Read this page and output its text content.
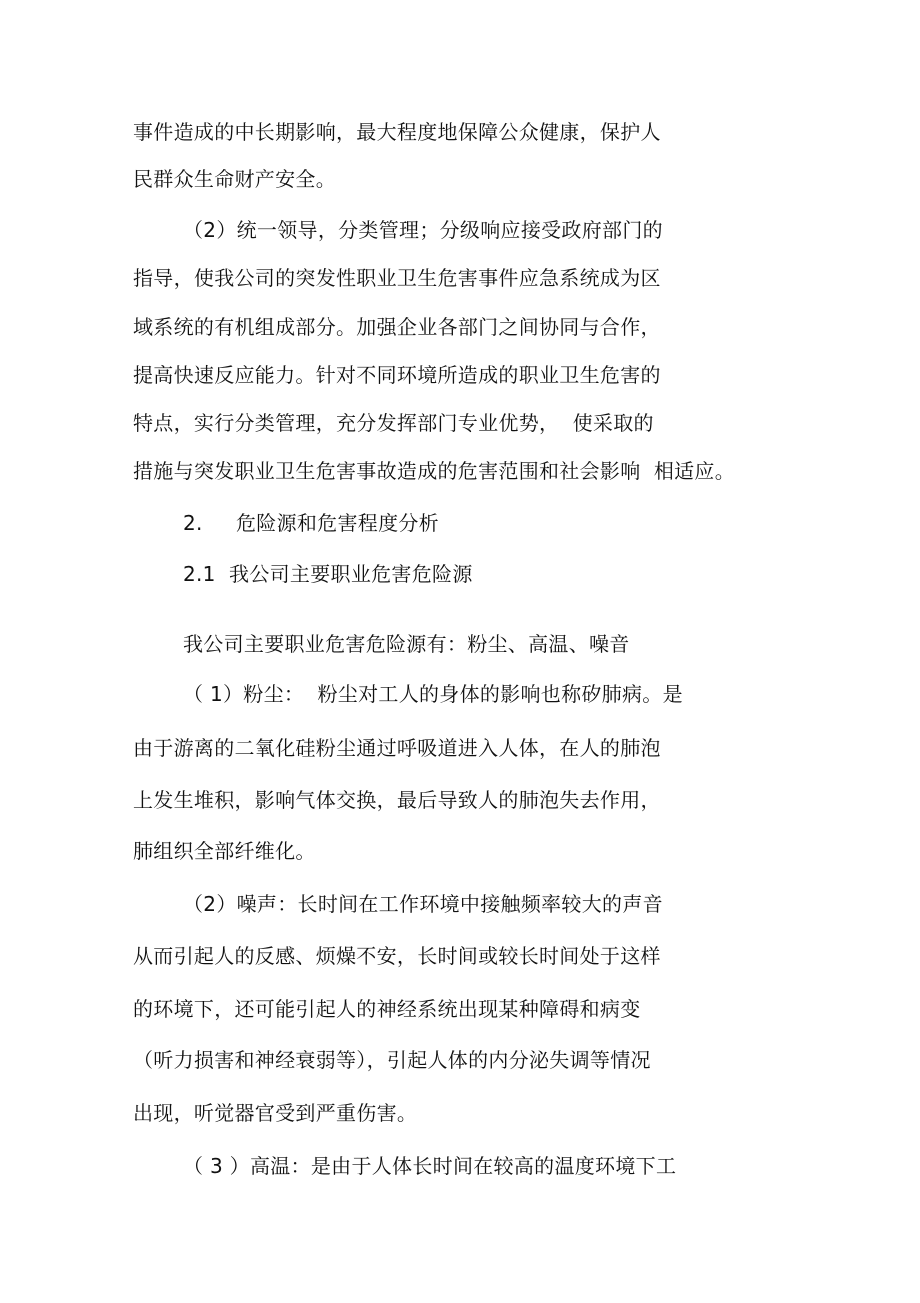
事件造成的中长期影响，最大程度地保障公众健康，保护人
民群众生命财产安全。
（2）统一领导，分类管理；分级响应接受政府部门的
指导，使我公司的突发性职业卫生危害事件应急系统成为区
域系统的有机组成部分。加强企业各部门之间协同与合作，
提高快速反应能力。针对不同环境所造成的职业卫生危害的
特点，实行分类管理，充分发挥部门专业优势，  使采取的
措施与突发职业卫生危害事故造成的危害范围和社会影响  相适应。
2.     危险源和危害程度分析
2.1  我公司主要职业危害危险源
我公司主要职业危害危险源有：粉尘、高温、噪音
（ 1）粉尘：  粉尘对工人的身体的影响也称矽肺病。是
由于游离的二氧化硅粉尘通过呼吸道进入人体，在人的肺泡
上发生堆积，影响气体交换，最后导致人的肺泡失去作用，
肺组织全部纤维化。
（2）噪声：长时间在工作环境中接触频率较大的声音
从而引起人的反感、烦燥不安，长时间或较长时间处于这样
的环境下，还可能引起人的神经系统出现某种障碍和病变
（听力损害和神经衰弱等），引起人体的内分泌失调等情况
出现，听觉器官受到严重伤害。
（ 3 ）高温：是由于人体长时间在较高的温度环境下工
